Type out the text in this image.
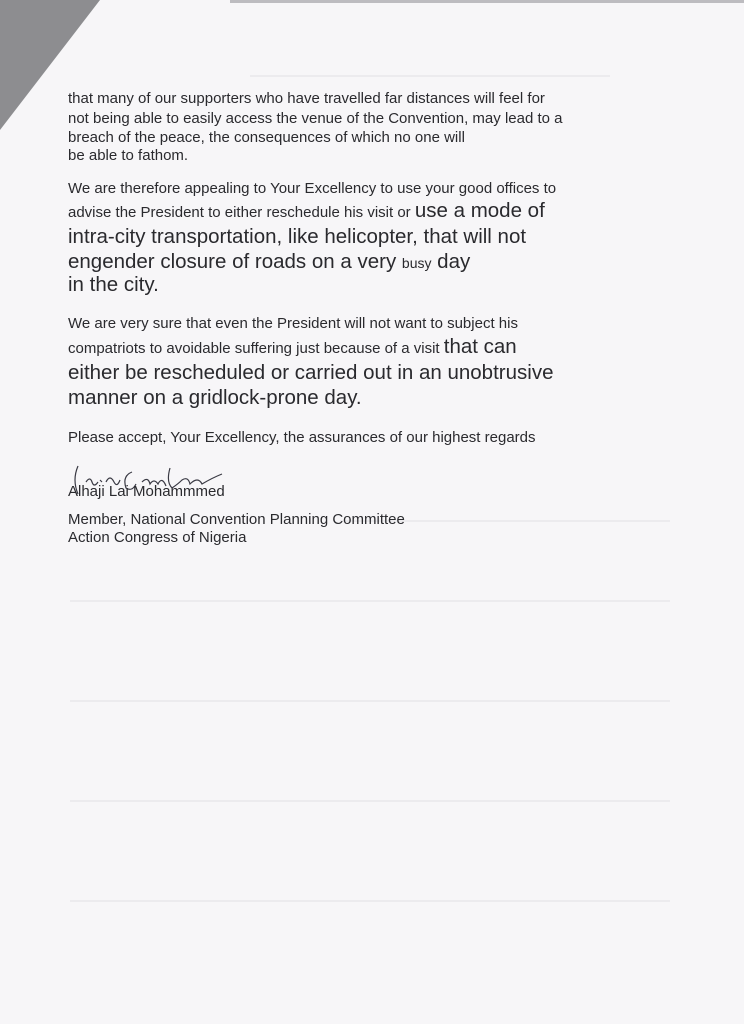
that many of our supporters who have travelled far distances will feel for
not being able to easily access the venue of the Convention, may lead to a
breach of the peace, the consequences of which no one will
be able to fathom.
We are therefore appealing to Your Excellency to use your good offices to
advise the President to either reschedule his visit or use a mode of
intra-city transportation, like helicopter, that will not
engender closure of roads on a very busy day
in the city.
We are very sure that even the President will not want to subject his
compatriots to avoidable suffering just because of a visit that can
either be rescheduled or carried out in an unobtrusive
manner on a gridlock-prone day.
Please accept, Your Excellency, the assurances of our highest regards
Alhaji Lai Mohammmed
Member, National Convention Planning Committee
Action Congress of Nigeria
